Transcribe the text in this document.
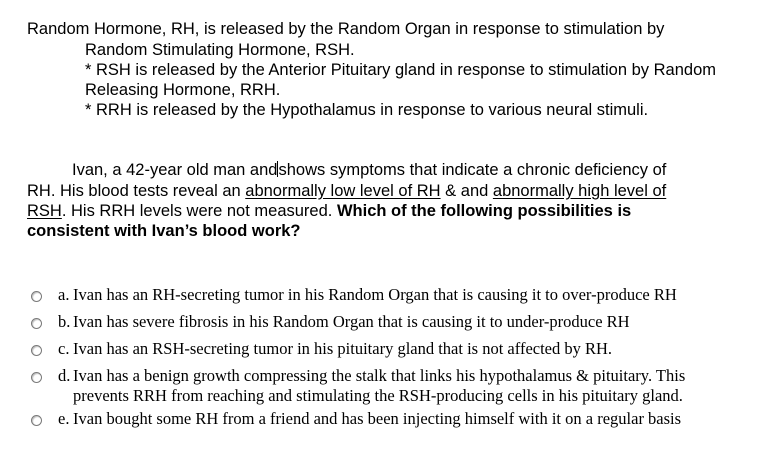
Random Hormone, RH, is released by the Random Organ in response to stimulation by
Random Stimulating Hormone, RSH.
* RSH is released by the Anterior Pituitary gland in response to stimulation by Random
Releasing Hormone, RRH.
* RRH is released by the Hypothalamus in response to various neural stimuli.
Ivan, a 42-year old man andshows symptoms that indicate a chronic deficiency of
RH. His blood tests reveal an abnormally low level of RH & and abnormally high level of
RSH. His RRH levels were not measured. Which of the following possibilities is
consistent with Ivan’s blood work?
a. Ivan has an RH-secreting tumor in his Random Organ that is causing it to over-produce RH
b. Ivan has severe fibrosis in his Random Organ that is causing it to under-produce RH
c. Ivan has an RSH-secreting tumor in his pituitary gland that is not affected by RH.
d. Ivan has a benign growth compressing the stalk that links his hypothalamus & pituitary. This
prevents RRH from reaching and stimulating the RSH-producing cells in his pituitary gland.
e. Ivan bought some RH from a friend and has been injecting himself with it on a regular basis
